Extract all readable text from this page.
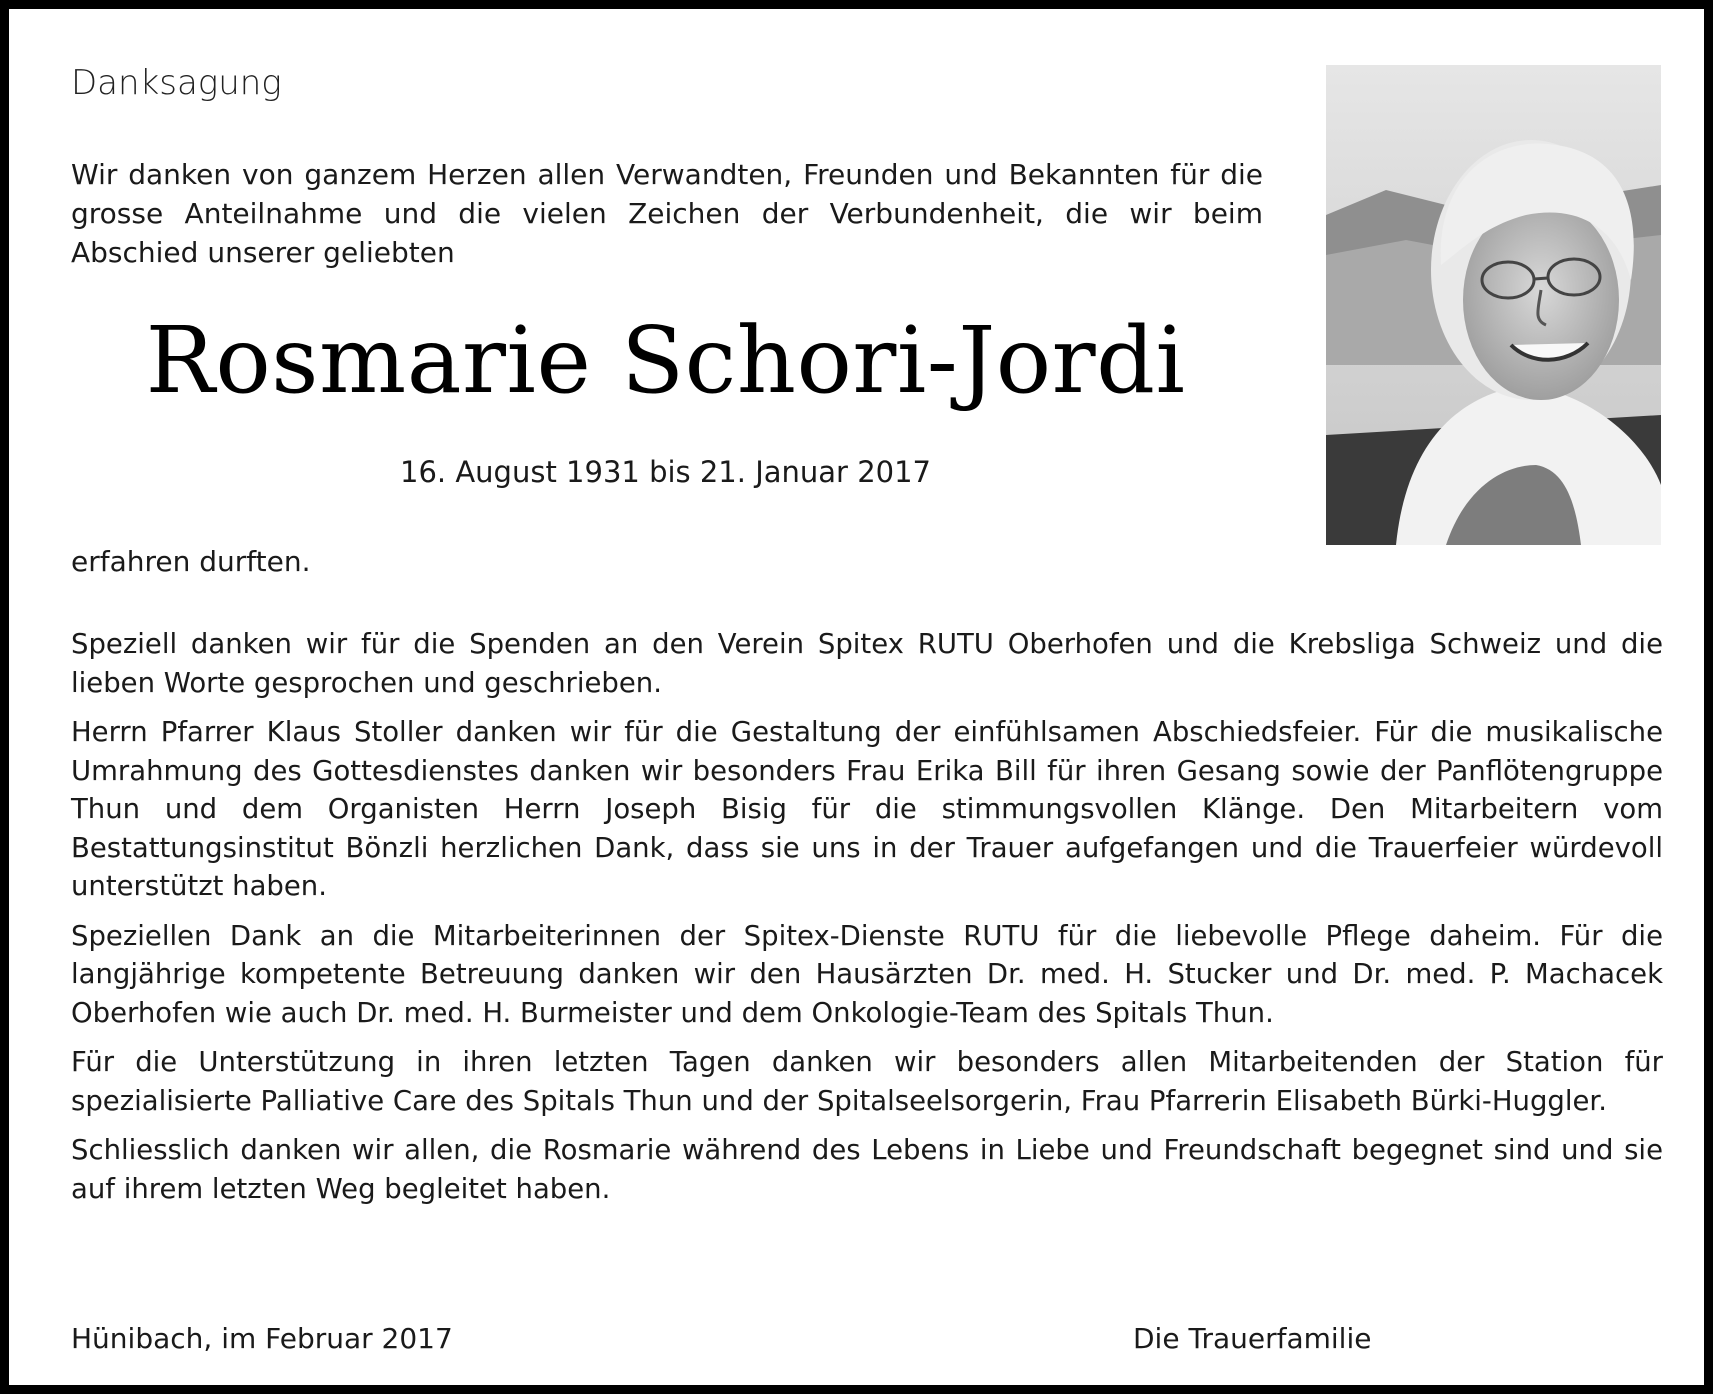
Danksagung
Wir danken von ganzem Herzen allen Verwandten, Freunden und Bekannten für die grosse Anteilnahme und die vielen Zeichen der Verbundenheit, die wir beim Abschied unserer geliebten
Rosmarie Schori-Jordi
16. August 1931 bis 21. Januar 2017
erfahren durften.

Speziell danken wir für die Spenden an den Verein Spitex RUTU Oberhofen und die Krebsliga Schweiz und die lieben Worte gesprochen und geschrieben.

Herrn Pfarrer Klaus Stoller danken wir für die Gestaltung der einfühlsamen Abschiedsfeier. Für die musikalische Umrahmung des Gottesdienstes danken wir besonders Frau Erika Bill für ihren Gesang sowie der Panflötengruppe Thun und dem Organisten Herrn Joseph Bisig für die stimmungsvollen Klänge. Den Mitarbeitern vom Bestattungsinstitut Bönzli herzlichen Dank, dass sie uns in der Trauer aufgefangen und die Trauerfeier würdevoll unterstützt haben.

Speziellen Dank an die Mitarbeiterinnen der Spitex-Dienste RUTU für die liebevolle Pflege daheim. Für die langjährige kompetente Betreuung danken wir den Hausärzten Dr. med. H. Stucker und Dr. med. P. Machacek Oberhofen wie auch Dr. med. H. Burmeister und dem Onkologie-Team des Spitals Thun.

Für die Unterstützung in ihren letzten Tagen danken wir besonders allen Mitarbeitenden der Station für spezialisierte Palliative Care des Spitals Thun und der Spitalseelsorgerin, Frau Pfarrerin Elisabeth Bürki-Huggler.

Schliesslich danken wir allen, die Rosmarie während des Lebens in Liebe und Freundschaft begegnet sind und sie auf ihrem letzten Weg begleitet haben.

Hünibach, im Februar 2017	Die Trauerfamilie
